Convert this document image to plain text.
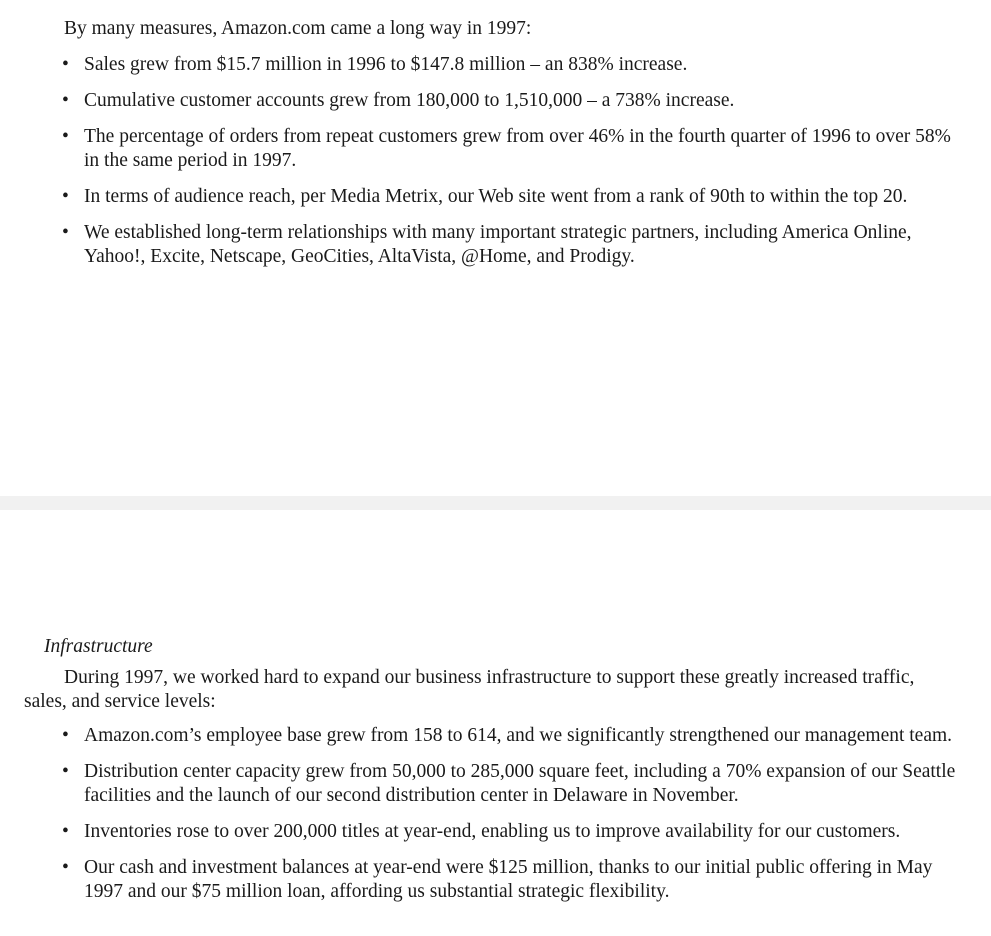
By many measures, Amazon.com came a long way in 1997:

• Sales grew from $15.7 million in 1996 to $147.8 million – an 838% increase.
• Cumulative customer accounts grew from 180,000 to 1,510,000 – a 738% increase.
• The percentage of orders from repeat customers grew from over 46% in the fourth quarter of 1996 to over 58% in the same period in 1997.
• In terms of audience reach, per Media Metrix, our Web site went from a rank of 90th to within the top 20.
• We established long-term relationships with many important strategic partners, including America Online, Yahoo!, Excite, Netscape, GeoCities, AltaVista, @Home, and Prodigy.
Infrastructure

During 1997, we worked hard to expand our business infrastructure to support these greatly increased traffic, sales, and service levels:

• Amazon.com’s employee base grew from 158 to 614, and we significantly strengthened our management team.
• Distribution center capacity grew from 50,000 to 285,000 square feet, including a 70% expansion of our Seattle facilities and the launch of our second distribution center in Delaware in November.
• Inventories rose to over 200,000 titles at year-end, enabling us to improve availability for our customers.
• Our cash and investment balances at year-end were $125 million, thanks to our initial public offering in May 1997 and our $75 million loan, affording us substantial strategic flexibility.
